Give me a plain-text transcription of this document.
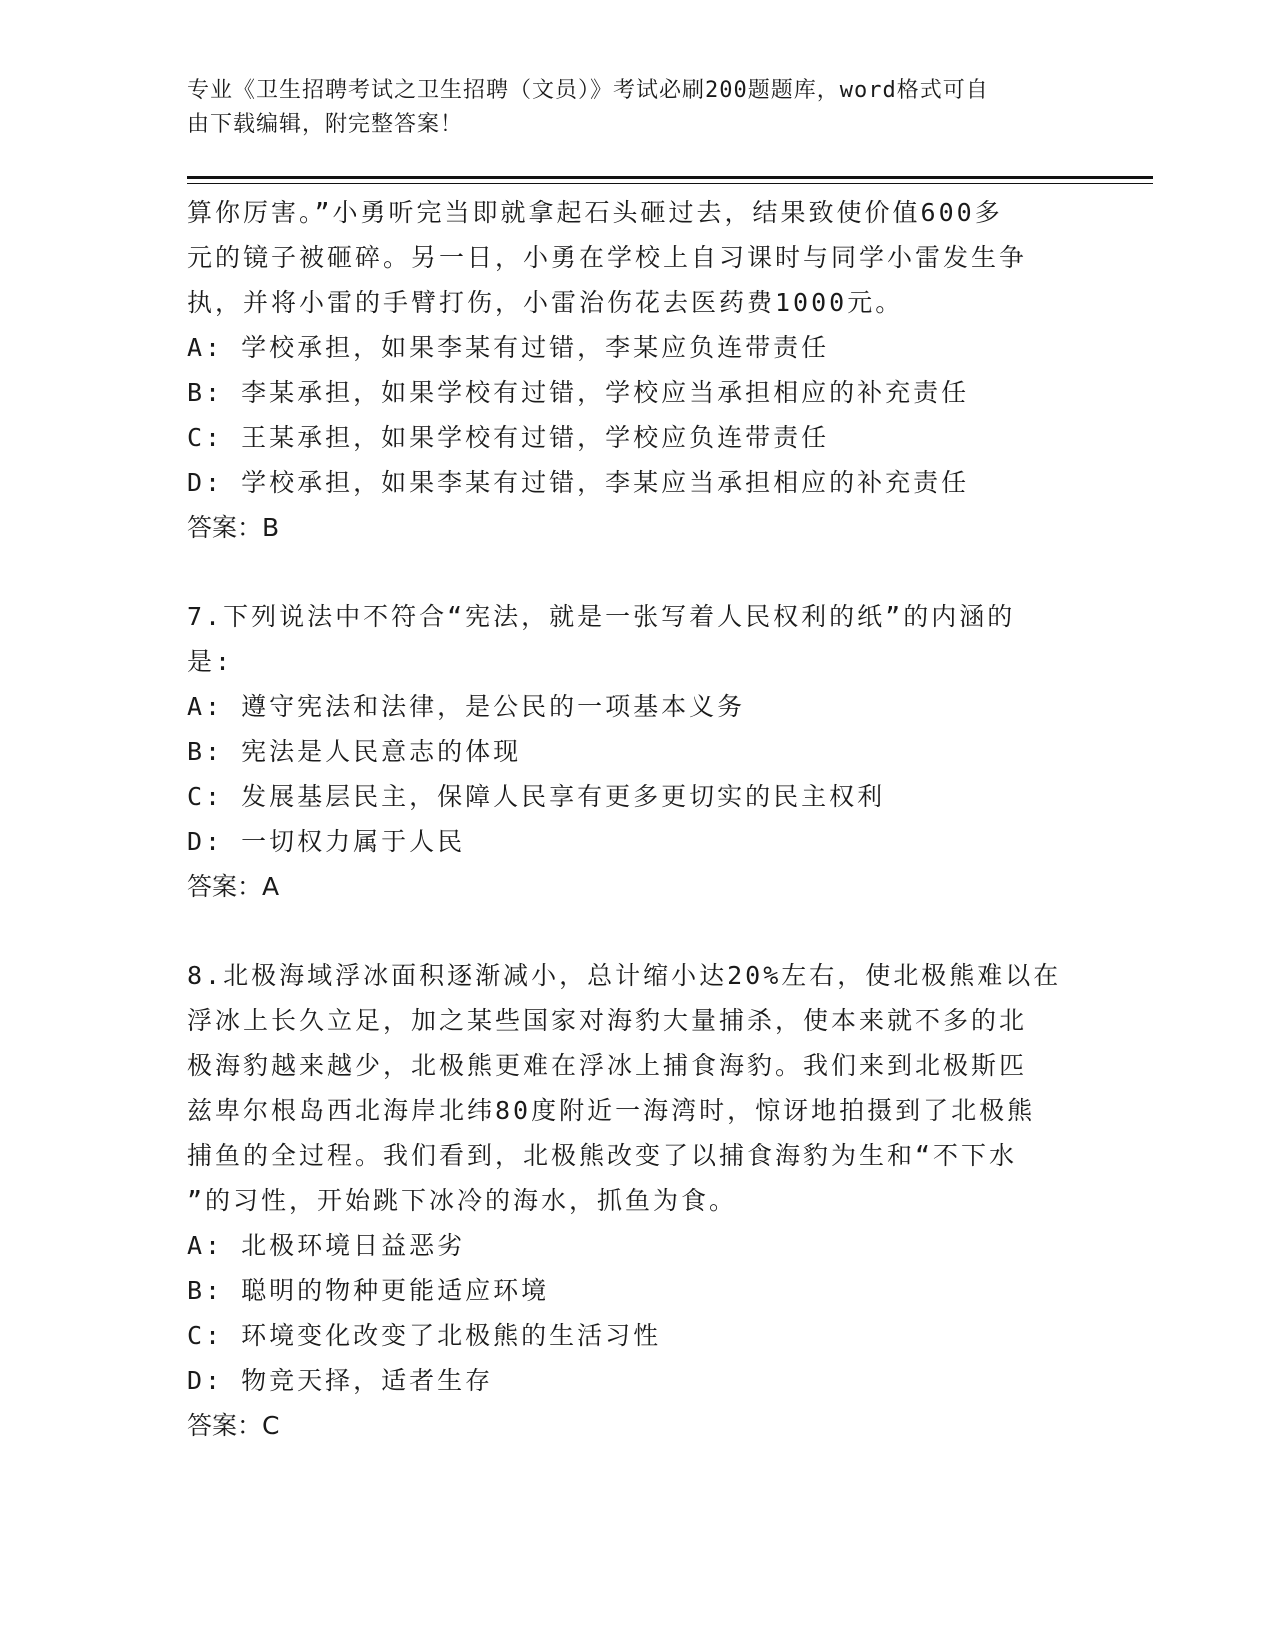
专业《卫生招聘考试之卫生招聘（文员）》考试必刷200题题库，word格式可自
由下载编辑，附完整答案！
算你厉害。”小勇听完当即就拿起石头砸过去，结果致使价值600多
元的镜子被砸碎。另一日，小勇在学校上自习课时与同学小雷发生争
执，并将小雷的手臂打伤，小雷治伤花去医药费1000元。
A: 学校承担，如果李某有过错，李某应负连带责任
B: 李某承担，如果学校有过错，学校应当承担相应的补充责任
C: 王某承担，如果学校有过错，学校应负连带责任
D: 学校承担，如果李某有过错，李某应当承担相应的补充责任
答案：B
7.下列说法中不符合“宪法，就是一张写着人民权利的纸”的内涵的
是:
A: 遵守宪法和法律，是公民的一项基本义务
B: 宪法是人民意志的体现
C: 发展基层民主，保障人民享有更多更切实的民主权利
D: 一切权力属于人民
答案：A
8.北极海域浮冰面积逐渐减小，总计缩小达20%左右，使北极熊难以在
浮冰上长久立足，加之某些国家对海豹大量捕杀，使本来就不多的北
极海豹越来越少，北极熊更难在浮冰上捕食海豹。我们来到北极斯匹
兹卑尔根岛西北海岸北纬80度附近一海湾时，惊讶地拍摄到了北极熊
捕鱼的全过程。我们看到，北极熊改变了以捕食海豹为生和“不下水
”的习性，开始跳下冰冷的海水，抓鱼为食。
A: 北极环境日益恶劣
B: 聪明的物种更能适应环境
C: 环境变化改变了北极熊的生活习性
D: 物竞天择，适者生存
答案：C
